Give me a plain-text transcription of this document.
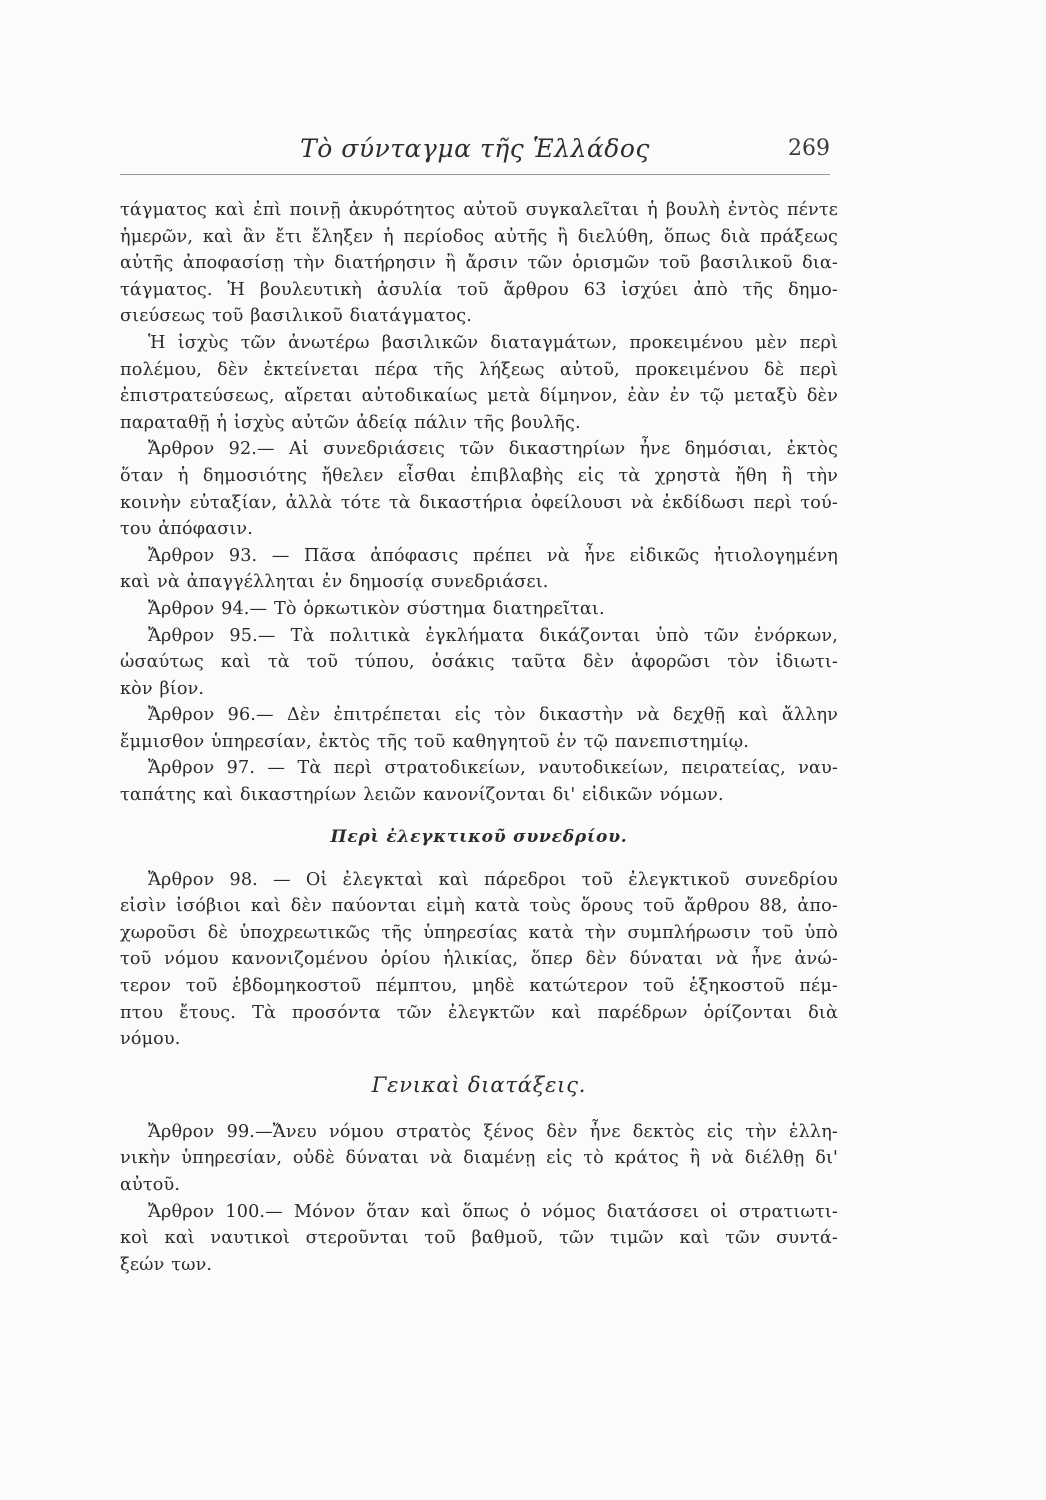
Τὸ σύνταγμα τῆς Ἑλλάδος	269
τάγματος καὶ ἐπὶ ποινῇ ἀκυρότητος αὐτοῦ συγκαλεῖται ἡ βουλὴ ἐντὸς πέντε
ἡμερῶν, καὶ ἂν ἔτι ἔληξεν ἡ περίοδος αὐτῆς ἢ διελύθη, ὅπως διὰ πράξεως
αὐτῆς ἀποφασίσῃ τὴν διατήρησιν ἢ ἄρσιν τῶν ὁρισμῶν τοῦ βασιλικοῦ δια-
τάγματος. Ἡ βουλευτικὴ ἀσυλία τοῦ ἄρθρου 63 ἰσχύει ἀπὸ τῆς δημο-
σιεύσεως τοῦ βασιλικοῦ διατάγματος.
Ἡ ἰσχὺς τῶν ἀνωτέρω βασιλικῶν διαταγμάτων, προκειμένου μὲν περὶ
πολέμου, δὲν ἐκτείνεται πέρα τῆς λήξεως αὐτοῦ, προκειμένου δὲ περὶ
ἐπιστρατεύσεως, αἴρεται αὐτοδικαίως μετὰ δίμηνον, ἐὰν ἐν τῷ μεταξὺ δὲν
παραταθῇ ἡ ἰσχὺς αὐτῶν ἀδείᾳ πάλιν τῆς βουλῆς.
Ἄρθρον 92.— Αἱ συνεδριάσεις τῶν δικαστηρίων ἦνε δημόσιαι, ἐκτὸς
ὅταν ἡ δημοσιότης ἤθελεν εἶσθαι ἐπιβλαβὴς εἰς τὰ χρηστὰ ἤθη ἢ τὴν
κοινὴν εὐταξίαν, ἀλλὰ τότε τὰ δικαστήρια ὀφείλουσι νὰ ἐκδίδωσι περὶ τού-
του ἀπόφασιν.
Ἄρθρον 93. — Πᾶσα ἀπόφασις πρέπει νὰ ἦνε εἰδικῶς ἠτιολογημένη
καὶ νὰ ἀπαγγέλληται ἐν δημοσίᾳ συνεδριάσει.
Ἄρθρον 94.— Τὸ ὁρκωτικὸν σύστημα διατηρεῖται.
Ἄρθρον 95.— Τὰ πολιτικὰ ἐγκλήματα δικάζονται ὑπὸ τῶν ἐνόρκων,
ὡσαύτως καὶ τὰ τοῦ τύπου, ὁσάκις ταῦτα δὲν ἀφορῶσι τὸν ἰδιωτι-
κὸν βίον.
Ἄρθρον 96.— Δὲν ἐπιτρέπεται εἰς τὸν δικαστὴν νὰ δεχθῇ καὶ ἄλλην
ἔμμισθον ὑπηρεσίαν, ἐκτὸς τῆς τοῦ καθηγητοῦ ἐν τῷ πανεπιστημίῳ.
Ἄρθρον 97. — Τὰ περὶ στρατοδικείων, ναυτοδικείων, πειρατείας, ναυ-
ταπάτης καὶ δικαστηρίων λειῶν κανονίζονται δι' εἰδικῶν νόμων.
Περὶ ἐλεγκτικοῦ συνεδρίου.
Ἄρθρον 98. — Οἱ ἐλεγκταὶ καὶ πάρεδροι τοῦ ἐλεγκτικοῦ συνεδρίου
εἰσὶν ἰσόβιοι καὶ δὲν παύονται εἰμὴ κατὰ τοὺς ὅρους τοῦ ἄρθρου 88, ἀπο-
χωροῦσι δὲ ὑποχρεωτικῶς τῆς ὑπηρεσίας κατὰ τὴν συμπλήρωσιν τοῦ ὑπὸ
τοῦ νόμου κανονιζομένου ὁρίου ἡλικίας, ὅπερ δὲν δύναται νὰ ἦνε ἀνώ-
τερον τοῦ ἑβδομηκοστοῦ πέμπτου, μηδὲ κατώτερον τοῦ ἑξηκοστοῦ πέμ-
πτου ἔτους. Τὰ προσόντα τῶν ἐλεγκτῶν καὶ παρέδρων ὁρίζονται διὰ
νόμου.
Γενικαὶ διατάξεις.
Ἄρθρον 99.—Ἄνευ νόμου στρατὸς ξένος δὲν ἦνε δεκτὸς εἰς τὴν ἑλλη-
νικὴν ὑπηρεσίαν, οὐδὲ δύναται νὰ διαμένῃ εἰς τὸ κράτος ἢ νὰ διέλθῃ δι'
αὐτοῦ.
Ἄρθρον 100.— Μόνον ὅταν καὶ ὅπως ὁ νόμος διατάσσει οἱ στρατιωτι-
κοὶ καὶ ναυτικοὶ στεροῦνται τοῦ βαθμοῦ, τῶν τιμῶν καὶ τῶν συντά-
ξεών των.
